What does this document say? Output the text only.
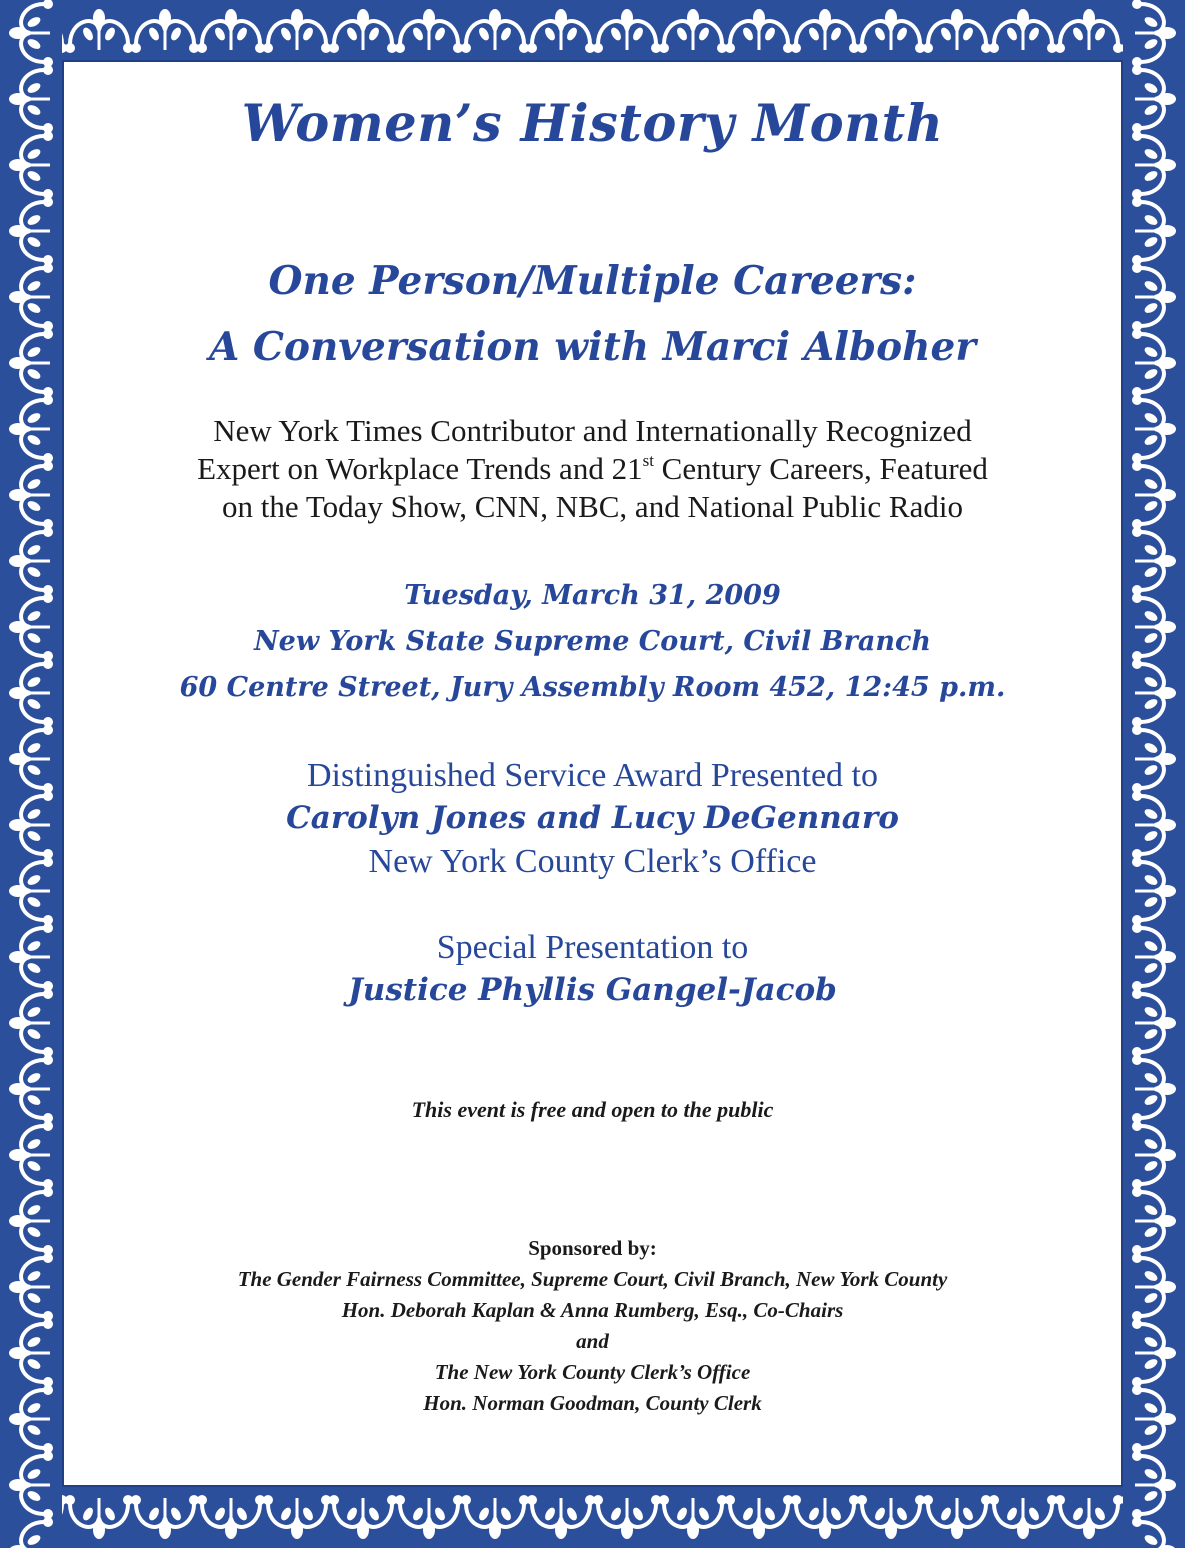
Women’s History Month
One Person/Multiple Careers:
A Conversation with Marci Alboher
New York Times Contributor and Internationally Recognized
Expert on Workplace Trends and 21st Century Careers, Featured
on the Today Show, CNN, NBC, and National Public Radio
Tuesday, March 31, 2009
New York State Supreme Court, Civil Branch
60 Centre Street, Jury Assembly Room 452, 12:45 p.m.
Distinguished Service Award Presented to
Carolyn Jones and Lucy DeGennaro
New York County Clerk’s Office
Special Presentation to
Justice Phyllis Gangel-Jacob
This event is free and open to the public
Sponsored by:
The Gender Fairness Committee, Supreme Court, Civil Branch, New York County
Hon. Deborah Kaplan & Anna Rumberg, Esq., Co-Chairs
and
The New York County Clerk’s Office
Hon. Norman Goodman, County Clerk
